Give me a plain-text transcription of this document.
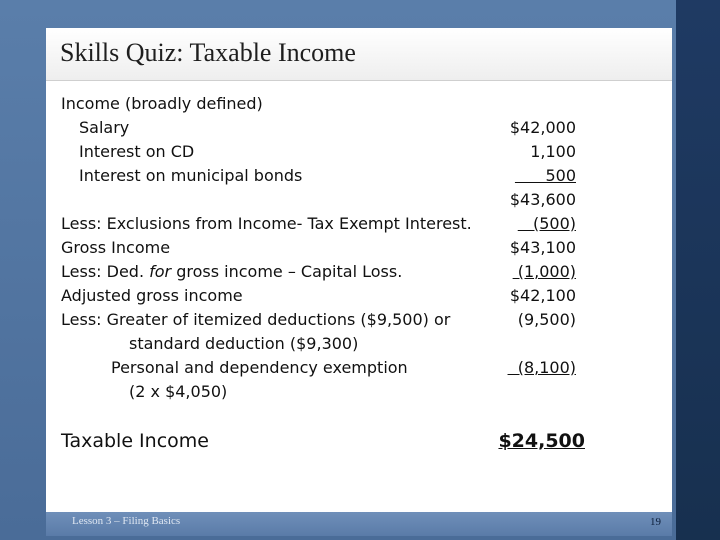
Skills Quiz: Taxable Income
Income (broadly defined)
Salary	$42,000
Interest on CD	1,100
Interest on municipal bonds	500
$43,600
Less: Exclusions from Income- Tax Exempt Interest.	(500)
Gross Income	$43,100
Less: Ded. for gross income – Capital Loss.	(1,000)
Adjusted gross income	$42,100
Less: Greater of itemized deductions ($9,500) or	(9,500)
standard deduction ($9,300)
Personal and dependency exemption	(8,100)
(2 x $4,050)
Taxable Income	$24,500
Lesson 3 – Filing Basics	19
